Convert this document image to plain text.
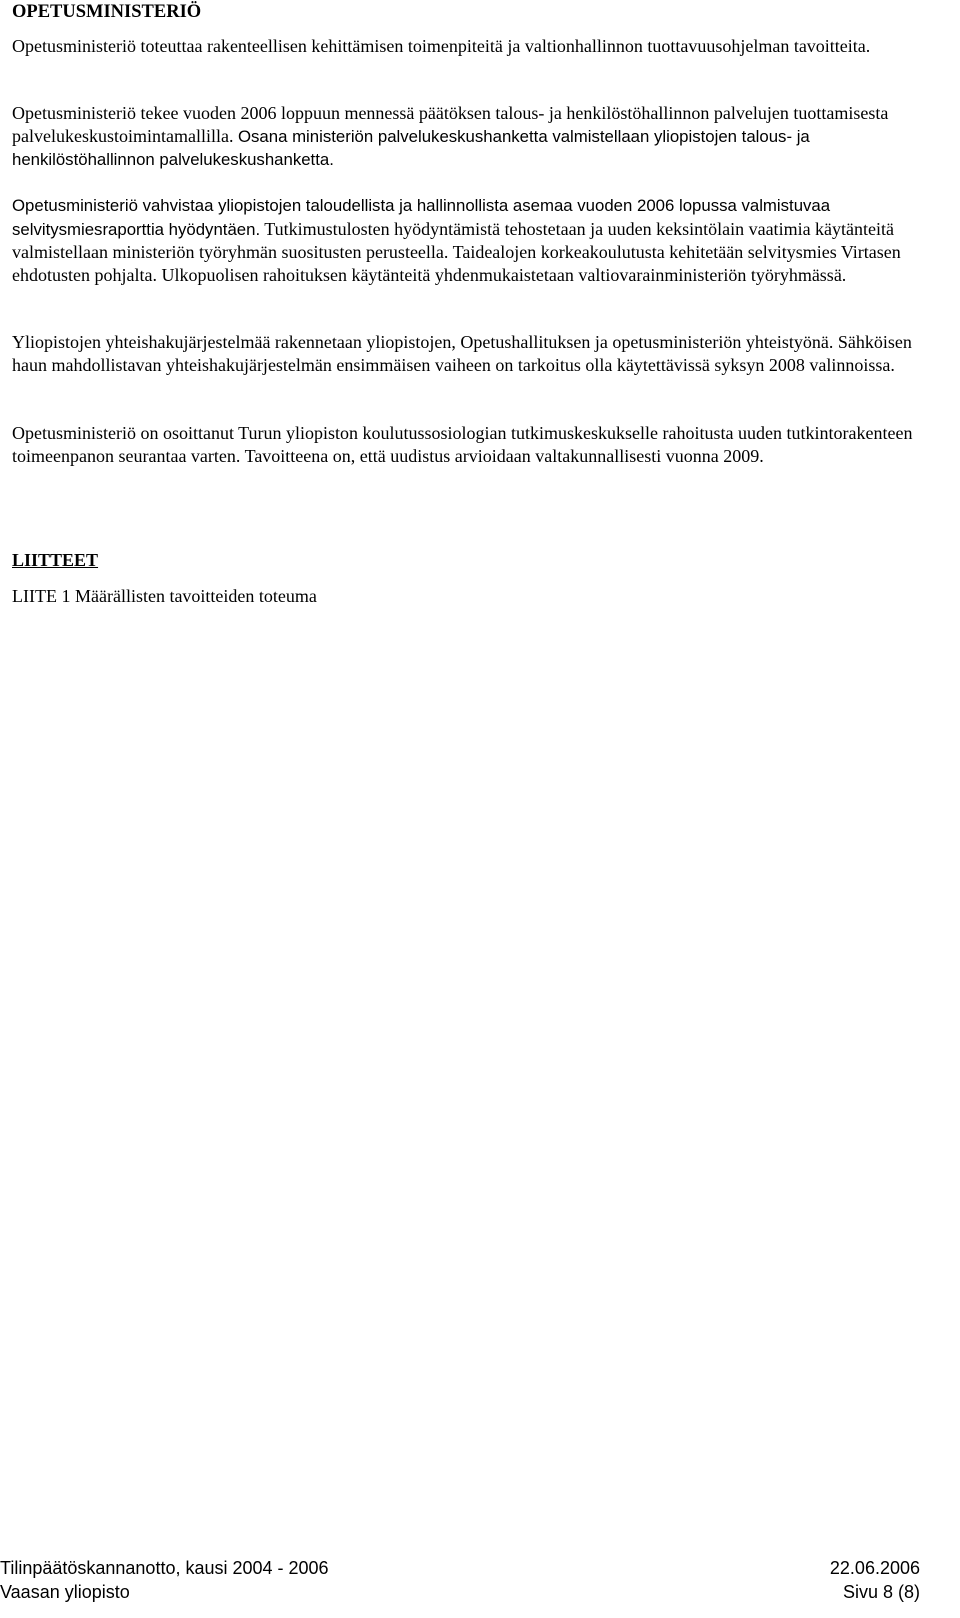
OPETUSMINISTERIÖ

Opetusministeriö toteuttaa rakenteellisen kehittämisen toimenpiteitä ja valtionhallinnon tuottavuusohjelman tavoitteita.

Opetusministeriö tekee vuoden 2006 loppuun mennessä päätöksen talous- ja henkilöstöhallinnon palvelujen tuottamisesta palvelukeskustoimintamallilla. Osana ministeriön palvelukeskushanketta valmistellaan yliopistojen talous- ja henkilöstöhallinnon palvelukeskushanketta.

Opetusministeriö vahvistaa yliopistojen taloudellista ja hallinnollista asemaa vuoden 2006 lopussa valmistuvaa selvitysmiesraporttia hyödyntäen. Tutkimustulosten hyödyntämistä tehostetaan ja uuden keksintölain vaatimia käytänteitä valmistellaan ministeriön työryhmän suositusten perusteella. Taidealojen korkeakoulutusta kehitetään selvitysmies Virtasen ehdotusten pohjalta. Ulkopuolisen rahoituksen käytänteitä yhdenmukaistetaan valtiovarainministeriön työryhmässä.

Yliopistojen yhteishakujärjestelmää rakennetaan yliopistojen, Opetushallituksen ja opetusministeriön yhteistyönä. Sähköisen haun mahdollistavan yhteishakujärjestelmän ensimmäisen vaiheen on tarkoitus olla käytettävissä syksyn 2008 valinnoissa.

Opetusministeriö on osoittanut Turun yliopiston koulutussosiologian tutkimuskeskukselle rahoitusta uuden tutkintorakenteen toimeenpanon seurantaa varten. Tavoitteena on, että uudistus arvioidaan valtakunnallisesti vuonna 2009.

LIITTEET

LIITE 1 Määrällisten tavoitteiden toteuma

Tilinpäätöskannanotto, kausi 2004 - 2006	22.06.2006
Vaasan yliopisto	Sivu 8 (8)
